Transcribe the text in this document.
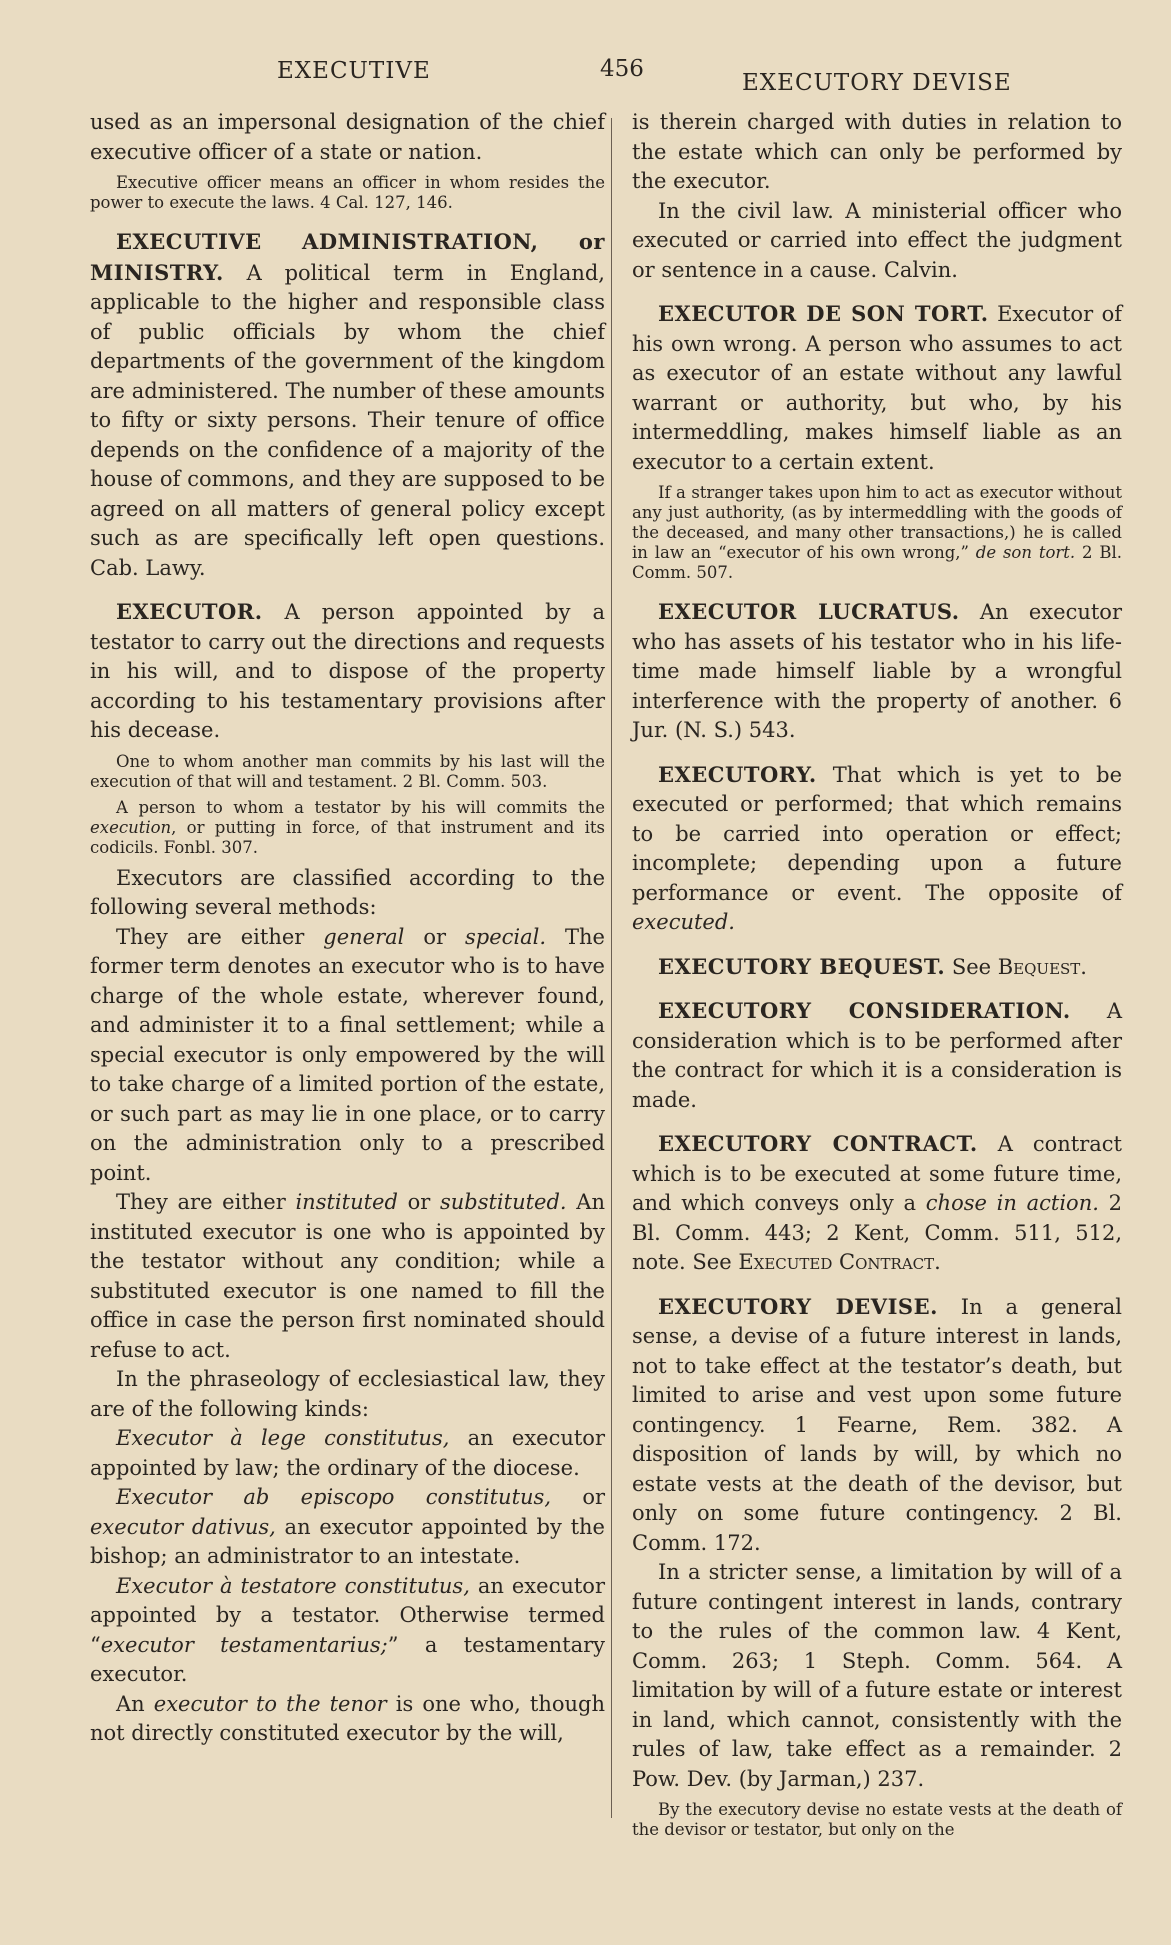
EXECUTIVE	456
EXECUTORY DEVISE

used as an impersonal designation of the chief executive officer of a state or nation.

Executive officer means an officer in whom resides the power to execute the laws. 4 Cal. 127, 146.

EXECUTIVE ADMINISTRATION, or MINISTRY. A political term in England, applicable to the higher and responsible class of public officials by whom the chief departments of the government of the kingdom are administered. The number of these amounts to fifty or sixty persons. Their tenure of office depends on the confidence of a majority of the house of commons, and they are supposed to be agreed on all matters of general policy except such as are specifically left open questions. Cab. Lawy.

EXECUTOR. A person appointed by a testator to carry out the directions and requests in his will, and to dispose of the property according to his testamentary provisions after his decease.

One to whom another man commits by his last will the execution of that will and testament. 2 Bl. Comm. 503.

A person to whom a testator by his will commits the execution, or putting in force, of that instrument and its codicils. Fonbl. 307.

Executors are classified according to the following several methods:

They are either general or special. The former term denotes an executor who is to have charge of the whole estate, wherever found, and administer it to a final settlement; while a special executor is only empowered by the will to take charge of a limited portion of the estate, or such part as may lie in one place, or to carry on the administration only to a prescribed point.

They are either instituted or substituted. An instituted executor is one who is appointed by the testator without any condition; while a substituted executor is one named to fill the office in case the person first nominated should refuse to act.

In the phraseology of ecclesiastical law, they are of the following kinds:

Executor à lege constitutus, an executor appointed by law; the ordinary of the diocese.

Executor ab episcopo constitutus, or executor dativus, an executor appointed by the bishop; an administrator to an intestate.

Executor à testatore constitutus, an executor appointed by a testator. Otherwise termed “executor testamentarius;” a testamentary executor.

An executor to the tenor is one who, though not directly constituted executor by the will,

is therein charged with duties in relation to the estate which can only be performed by the executor.

In the civil law. A ministerial officer who executed or carried into effect the judgment or sentence in a cause. Calvin.

EXECUTOR DE SON TORT. Executor of his own wrong. A person who assumes to act as executor of an estate without any lawful warrant or authority, but who, by his intermeddling, makes himself liable as an executor to a certain extent.

If a stranger takes upon him to act as executor without any just authority, (as by intermeddling with the goods of the deceased, and many other transactions,) he is called in law an “executor of his own wrong,” de son tort. 2 Bl. Comm. 507.

EXECUTOR LUCRATUS. An executor who has assets of his testator who in his life-time made himself liable by a wrongful interference with the property of another. 6 Jur. (N. S.) 543.

EXECUTORY. That which is yet to be executed or performed; that which remains to be carried into operation or effect; incomplete; depending upon a future performance or event. The opposite of executed.

EXECUTORY BEQUEST. See Bequest.

EXECUTORY CONSIDERATION. A consideration which is to be performed after the contract for which it is a consideration is made.

EXECUTORY CONTRACT. A contract which is to be executed at some future time, and which conveys only a chose in action. 2 Bl. Comm. 443; 2 Kent, Comm. 511, 512, note. See Executed Contract.

EXECUTORY DEVISE. In a general sense, a devise of a future interest in lands, not to take effect at the testator’s death, but limited to arise and vest upon some future contingency. 1 Fearne, Rem. 382. A disposition of lands by will, by which no estate vests at the death of the devisor, but only on some future contingency. 2 Bl. Comm. 172.

In a stricter sense, a limitation by will of a future contingent interest in lands, contrary to the rules of the common law. 4 Kent, Comm. 263; 1 Steph. Comm. 564. A limitation by will of a future estate or interest in land, which cannot, consistently with the rules of law, take effect as a remainder. 2 Pow. Dev. (by Jarman,) 237.

By the executory devise no estate vests at the death of the devisor or testator, but only on the
